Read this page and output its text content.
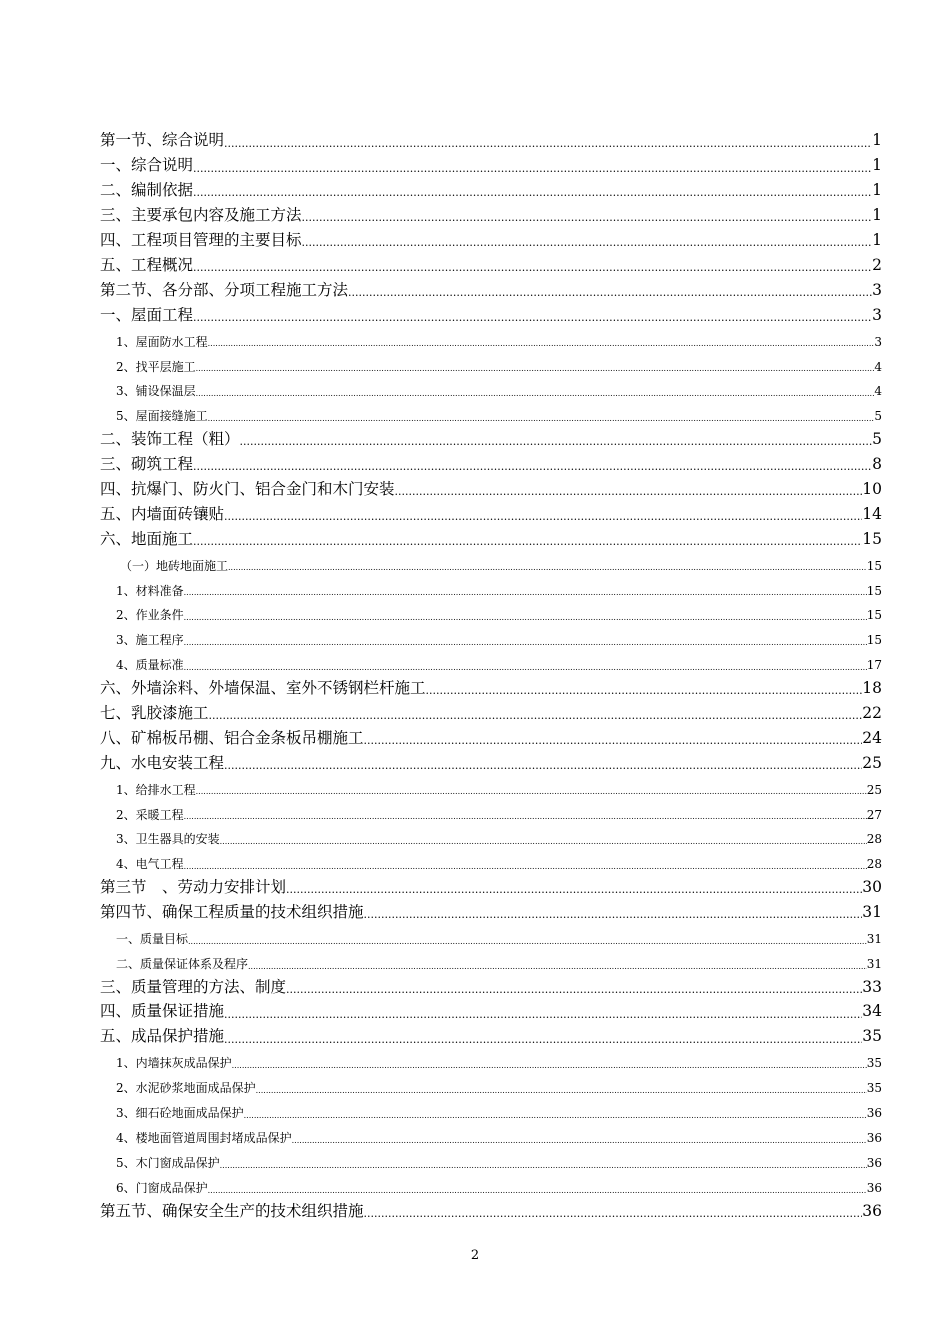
第一节、综合说明 .....	1
一、综合说明 .....	1
二、编制依据 .....	1
三、主要承包内容及施工方法 .....	1
四、工程项目管理的主要目标 .....	1
五、工程概况 .....	2
第二节、各分部、分项工程施工方法 .....	3
一、屋面工程 .....	3
1、屋面防水工程 .....	3
2、找平层施工 .....	4
3、铺设保温层 .....	4
5、屋面接缝施工 .....	5
二、装饰工程（粗） .....	5
三、砌筑工程 .....	8
四、抗爆门、防火门、铝合金门和木门安装 .....	10
五、内墙面砖镶贴 .....	14
六、地面施工 .....	15
（一）地砖地面施工 .....	15
1、材料准备 .....	15
2、作业条件 .....	15
3、施工程序 .....	15
4、质量标准 .....	17
六、外墙涂料、外墙保温、室外不锈钢栏杆施工 .....	18
七、乳胶漆施工 .....	22
八、矿棉板吊棚、铝合金条板吊棚施工 .....	24
九、水电安装工程 .....	25
1、给排水工程 .....	25
2、采暖工程 .....	27
3、卫生器具的安装 .....	28
4、电气工程 .....	28
第三节　、劳动力安排计划 .....	30
第四节、确保工程质量的技术组织措施 .....	31
一、质量目标 .....	31
二、质量保证体系及程序 .....	31
三、质量管理的方法、制度 .....	33
四、质量保证措施 .....	34
五、成品保护措施 .....	35
1、内墙抹灰成品保护 .....	35
2、水泥砂浆地面成品保护 .....	35
3、细石砼地面成品保护 .....	36
4、楼地面管道周围封堵成品保护 .....	36
5、木门窗成品保护 .....	36
6、门窗成品保护 .....	36
第五节、确保安全生产的技术组织措施 .....	36
2
